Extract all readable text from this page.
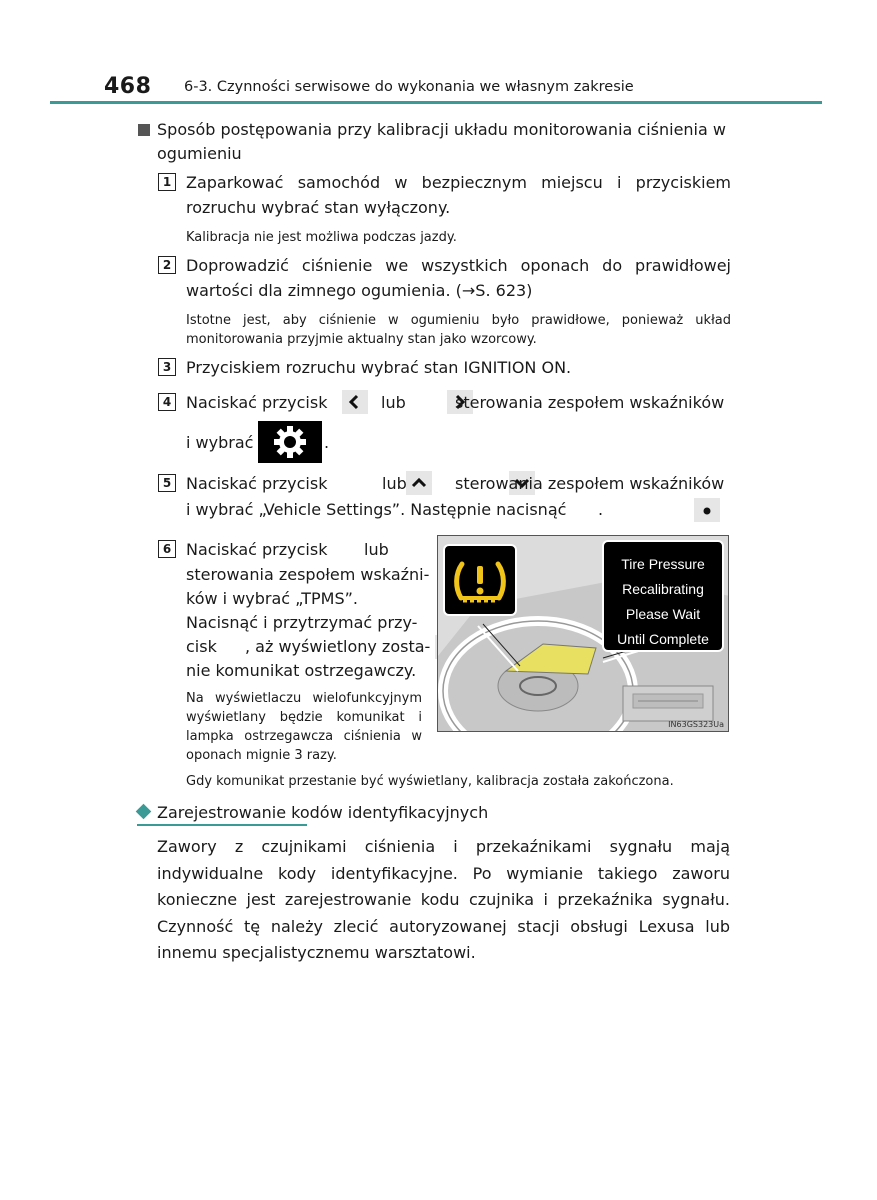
468 6-3. Czynności serwisowe do wykonania we własnym zakresie
Sposób postępowania przy kalibracji układu monitorowania ciśnienia w ogumieniu
1 Zaparkować samochód w bezpiecznym miejscu i przyciskiem rozruchu wybrać stan wyłączony.
Kalibracja nie jest możliwa podczas jazdy.
2 Doprowadzić ciśnienie we wszystkich oponach do prawidłowej wartości dla zimnego ogumienia. (→S. 623)
Istotne jest, aby ciśnienie w ogumieniu było prawidłowe, ponieważ układ monitorowania przyjmie aktualny stan jako wzorcowy.
3 Przyciskiem rozruchu wybrać stan IGNITION ON.
4 Naciskać przycisk
	lub
	sterowania zespołem wskaźników
i wybrać	.
5 Naciskać przycisk
	lub
	sterowania zespołem wskaźników
i wybrać „Vehicle Settings”. Następnie nacisnąć
.
6 Naciskać przycisk
lub

sterowania zespołem wskaźni-
ków i wybrać „TPMS”.
Nacisnąć i przytrzymać przy-
cisk , aż wyświetlony zosta-
nie komunikat ostrzegawczy.
Na wyświetlaczu wielofunkcyjnym wyświetlany będzie komunikat i lampka ostrzegawcza ciśnienia w oponach mignie 3 razy.
Gdy komunikat przestanie być wyświetlany, kalibracja została zakończona.
Tire Pressure
Recalibrating
Please Wait
Until Complete
IN63GS323Ua
Zarejestrowanie kodów identyfikacyjnych
Zawory z czujnikami ciśnienia i przekaźnikami sygnału mają indywidualne kody identyfikacyjne. Po wymianie takiego zaworu konieczne jest zarejestrowanie kodu czujnika i przekaźnika sygnału. Czynność tę należy zlecić autoryzowanej stacji obsługi Lexusa lub innemu specjalistycznemu warsztatowi.
